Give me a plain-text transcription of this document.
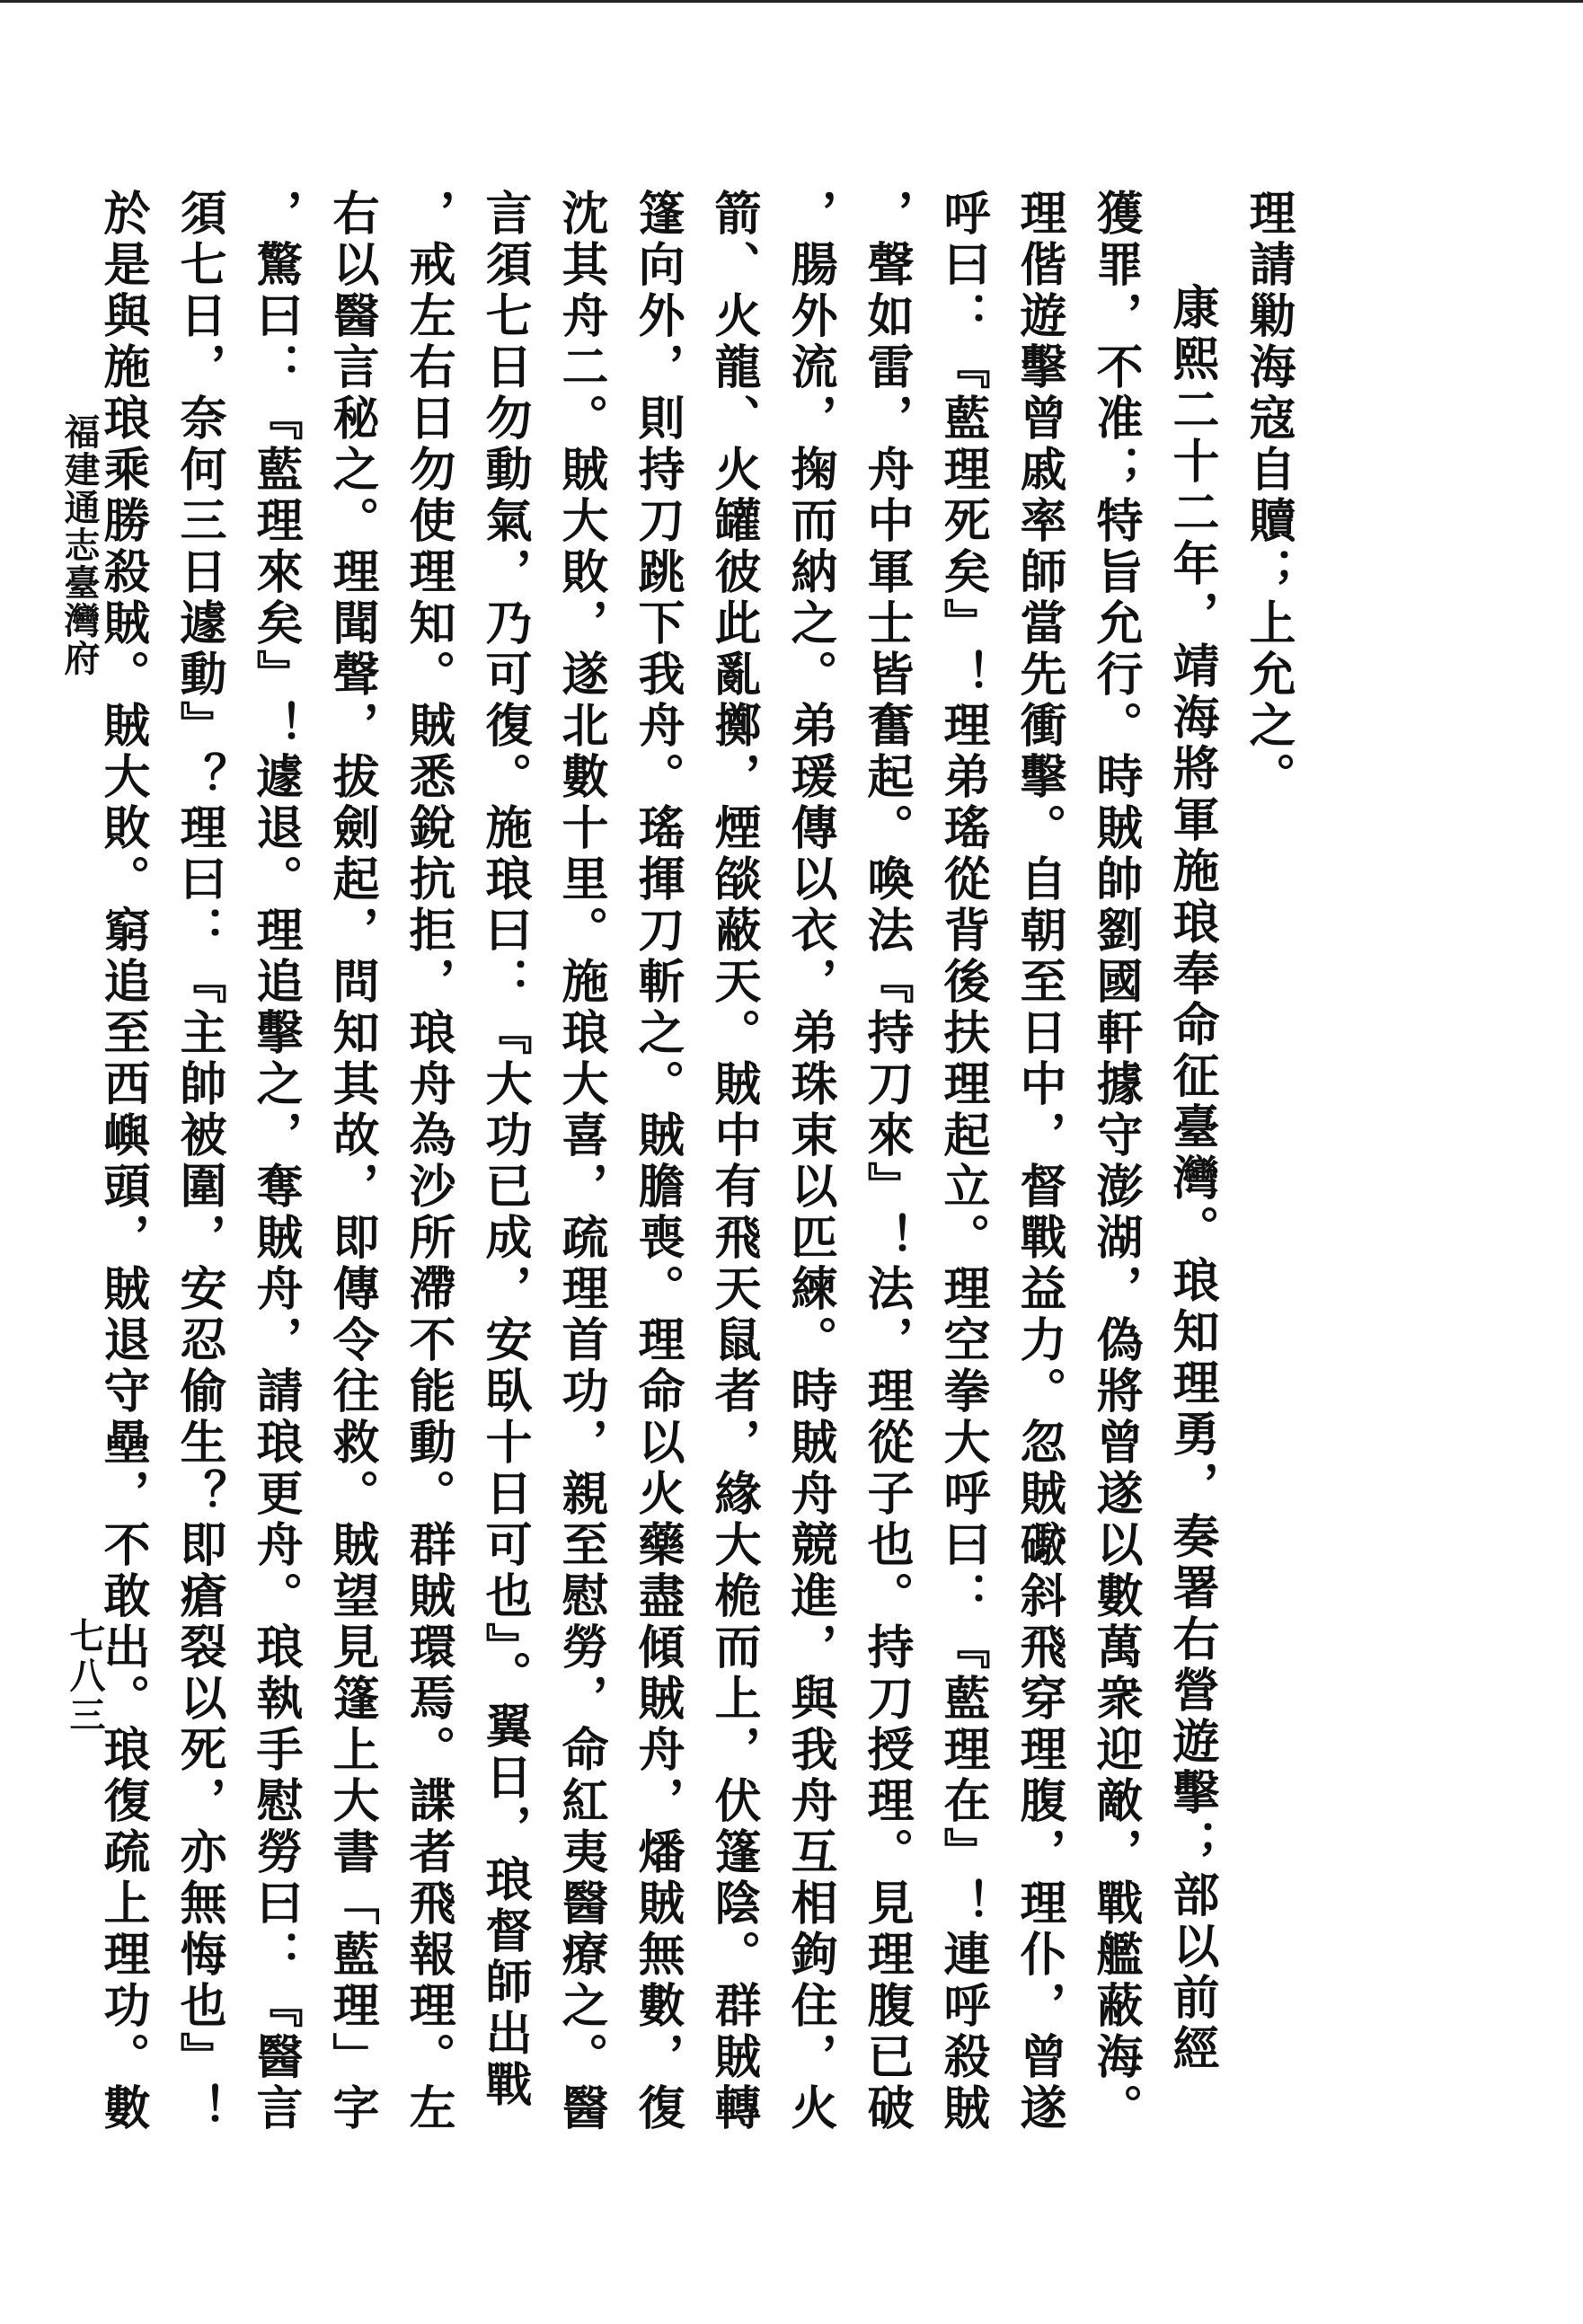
理請勦海寇自贖；上允之。
康熙二十二年，靖海將軍施琅奉命征臺灣。琅知理勇，奏署右營遊擊；部以前經
獲罪，不准；特旨允行。時賊帥劉國軒據守澎湖，偽將曾遂以數萬衆迎敵，戰艦蔽海。
理偕遊擊曾戚率師當先衝擊。自朝至日中，督戰益力。忽賊礮斜飛穿理腹，理仆，曾遂
呼曰：『藍理死矣』！理弟瑤從背後扶理起立。理空拳大呼曰：『藍理在』！連呼殺賊
，聲如雷，舟中軍士皆奮起。喚法『持刀來』！法，理從子也。持刀授理。見理腹已破
，腸外流，掬而納之。弟瑗傳以衣，弟珠束以匹練。時賊舟競進，與我舟互相鉤住，火
箭、火龍、火罐彼此亂擲，煙燄蔽天。賊中有飛天鼠者，緣大桅而上，伏篷陰。群賊轉
篷向外，則持刀跳下我舟。瑤揮刀斬之。賊膽喪。理命以火藥盡傾賊舟，燔賊無數，復
沈其舟二。賊大敗，遂北數十里。施琅大喜，疏理首功，親至慰勞，命紅夷醫療之。醫
言須七日勿動氣，乃可復。施琅曰：『大功已成，安臥十日可也』。翼日，琅督師出戰
，戒左右日勿使理知。賊悉銳抗拒，琅舟為沙所滯不能動。群賊環焉。諜者飛報理。左
右以醫言秘之。理聞聲，拔劍起，問知其故，即傳令往救。賊望見篷上大書「藍理」字
，驚曰：『藍理來矣』！遽退。理追擊之，奪賊舟，請琅更舟。琅執手慰勞曰：『醫言
須七日，奈何三日遽動』？理曰：『主帥被圍，安忍偷生？即瘡裂以死，亦無悔也』！
於是與施琅乘勝殺賊。賊大敗。窮追至西嶼頭，賊退守壘，不敢出。琅復疏上理功。數
福建通志臺灣府
七八三
